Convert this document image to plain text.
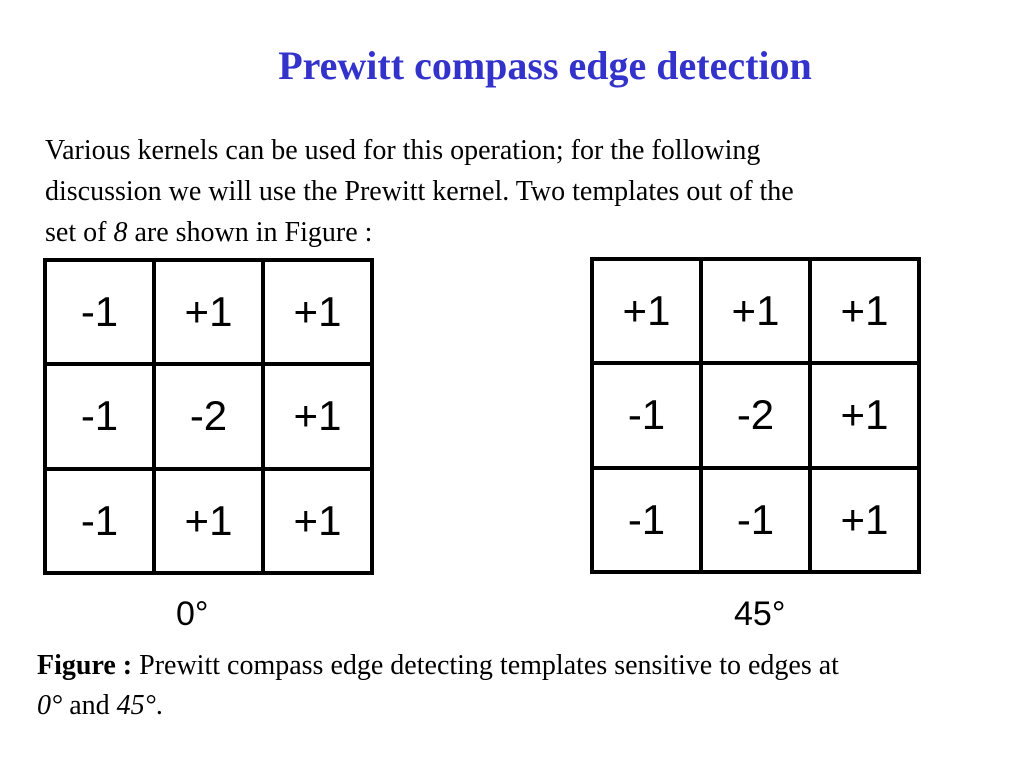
Prewitt compass edge detection
Various kernels can be used for this operation; for the following
discussion we will use the Prewitt kernel. Two templates out of the
set of 8 are shown in Figure :
-1	+1	+1
-1	-2	+1
-1	+1	+1
0°
+1	+1	+1
-1	-2	+1
-1	-1	+1
45°
Figure : Prewitt compass edge detecting templates sensitive to edges at
0° and 45°.
